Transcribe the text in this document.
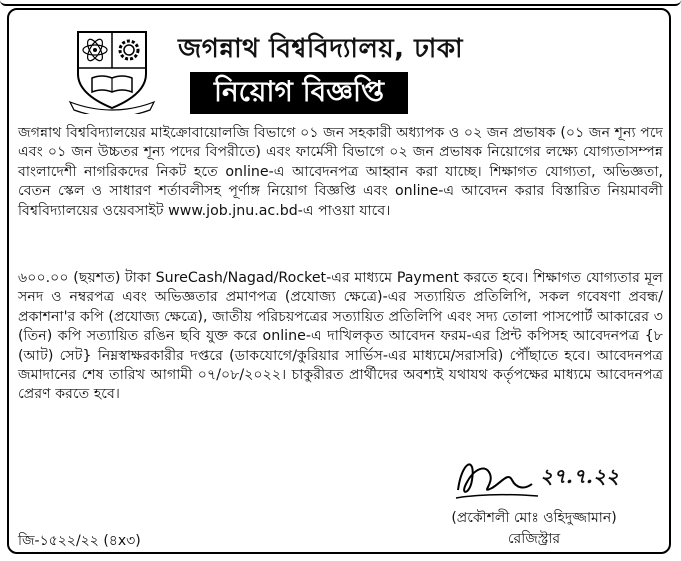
জগন্নাথ বিশ্ববিদ্যালয়, ঢাকা
নিয়োগ বিজ্ঞপ্তি
জগন্নাথ বিশ্ববিদ্যালয়ের মাইক্রোবায়োলজি বিভাগে ০১ জন সহকারী অধ্যাপক ও ০২ জন প্রভাষক (০১ জন শূন্য পদে এবং ০১ জন উচ্চতর শূন্য পদের বিপরীতে) এবং ফার্মেসী বিভাগে ০২ জন প্রভাষক নিয়োগের লক্ষ্যে যোগ্যতাসম্পন্ন বাংলাদেশী নাগরিকদের নিকট হতে online-এ আবেদনপত্র আহ্বান করা যাচ্ছে। শিক্ষাগত যোগ্যতা, অভিজ্ঞতা, বেতন স্কেল ও সাধারণ শর্তাবলীসহ পূর্ণাঙ্গ নিয়োগ বিজ্ঞপ্তি এবং online-এ আবেদন করার বিস্তারিত নিয়মাবলী বিশ্ববিদ্যালয়ের ওয়েবসাইট www.job.jnu.ac.bd-এ পাওয়া যাবে।
৬০০.০০ (ছয়শত) টাকা SureCash/Nagad/Rocket-এর মাধ্যমে Payment করতে হবে। শিক্ষাগত যোগ্যতার মূল সনদ ও নম্বরপত্র এবং অভিজ্ঞতার প্রমাণপত্র (প্রযোজ্য ক্ষেত্রে)-এর সত্যায়িত প্রতিলিপি, সকল গবেষণা প্রবন্ধ/প্রকাশনা'র কপি (প্রযোজ্য ক্ষেত্রে), জাতীয় পরিচয়পত্রের সত্যায়িত প্রতিলিপি এবং সদ্য তোলা পাসপোর্ট আকারের ৩ (তিন) কপি সত্যায়িত রঙিন ছবি যুক্ত করে online-এ দাখিলকৃত আবেদন ফরম-এর প্রিন্ট কপিসহ আবেদনপত্র {৮ (আট) সেট} নিম্নস্বাক্ষরকারীর দপ্তরে (ডাকযোগে/কুরিয়ার সার্ভিস-এর মাধ্যমে/সরাসরি) পৌঁছাতে হবে। আবেদনপত্র জমাদানের শেষ তারিখ আগামী ০৭/০৮/২০২২। চাকুরীরত প্রার্থীদের অবশ্যই যথাযথ কর্তৃপক্ষের মাধ্যমে আবেদনপত্র প্রেরণ করতে হবে।
২৭.৭.২২
(প্রকৌশলী মোঃ ওহিদুজ্জামান)
রেজিস্ট্রার
জি-১৫২২/২২ (৪x৩)
